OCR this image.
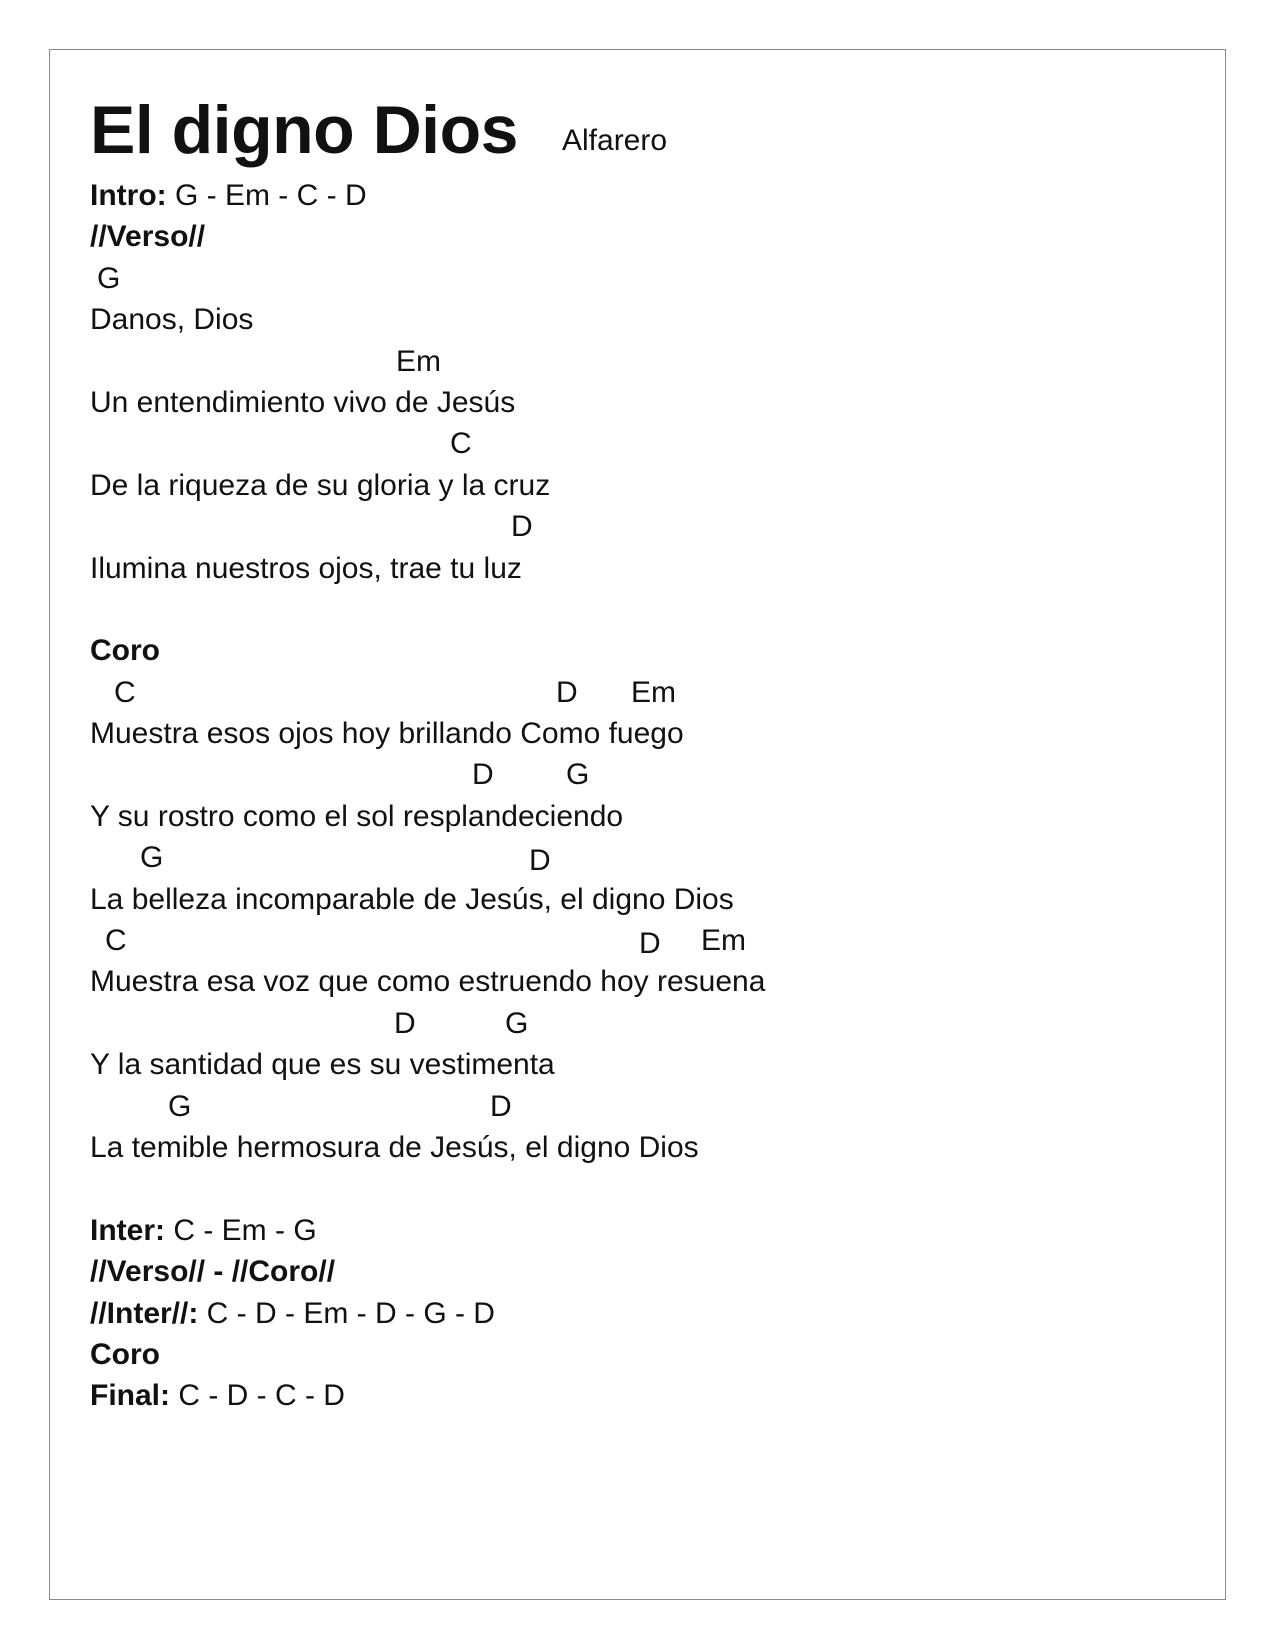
El digno Dios Alfarero
Intro: G - Em - C - D
//Verso//
G
Danos, Dios
Em
Un entendimiento vivo de Jesús
C
De la riqueza de su gloria y la cruz
D
Ilumina nuestros ojos, trae tu luz
Coro
C	D Em
Muestra esos ojos hoy brillando Como fuego
D G
Y su rostro como el sol resplandeciendo
G	D
La belleza incomparable de Jesús, el digno Dios
C	D Em
Muestra esa voz que como estruendo hoy resuena
D	G
Y la santidad que es su vestimenta
G	D
La temible hermosura de Jesús, el digno Dios
Inter: C - Em - G
//Verso// - //Coro//
//Inter//: C - D - Em - D - G - D
Coro
Final: C - D - C - D
